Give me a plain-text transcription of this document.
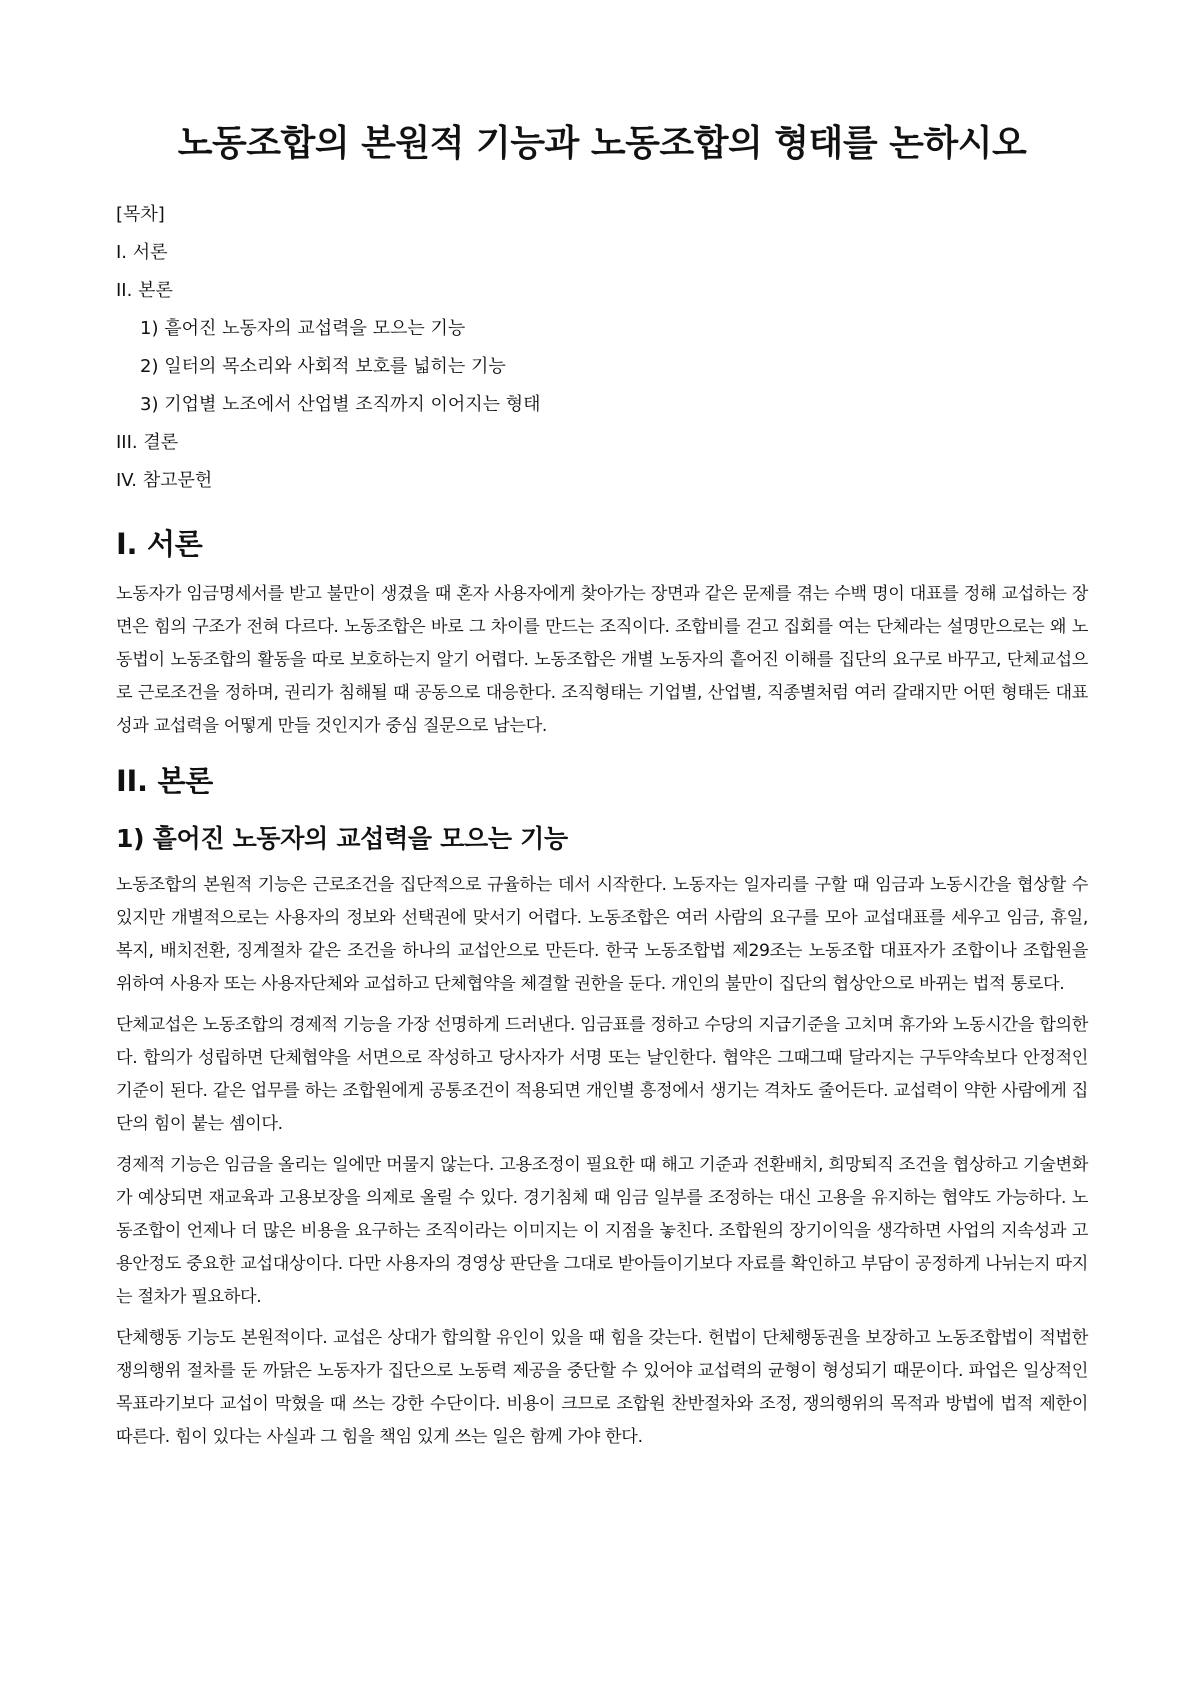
노동조합의 본원적 기능과 노동조합의 형태를 논하시오
[목차]
I. 서론
II. 본론
1) 흩어진 노동자의 교섭력을 모으는 기능
2) 일터의 목소리와 사회적 보호를 넓히는 기능
3) 기업별 노조에서 산업별 조직까지 이어지는 형태
III. 결론
IV. 참고문헌
I. 서론

노동자가 임금명세서를 받고 불만이 생겼을 때 혼자 사용자에게 찾아가는 장면과 같은 문제를 겪는 수백 명이 대표를 정해 교섭하는 장면은 힘의 구조가 전혀 다르다. 노동조합은 바로 그 차이를 만드는 조직이다. 조합비를 걷고 집회를 여는 단체라는 설명만으로는 왜 노동법이 노동조합의 활동을 따로 보호하는지 알기 어렵다. 노동조합은 개별 노동자의 흩어진 이해를 집단의 요구로 바꾸고, 단체교섭으로 근로조건을 정하며, 권리가 침해될 때 공동으로 대응한다. 조직형태는 기업별, 산업별, 직종별처럼 여러 갈래지만 어떤 형태든 대표성과 교섭력을 어떻게 만들 것인지가 중심 질문으로 남는다.

II. 본론
1) 흩어진 노동자의 교섭력을 모으는 기능

노동조합의 본원적 기능은 근로조건을 집단적으로 규율하는 데서 시작한다. 노동자는 일자리를 구할 때 임금과 노동시간을 협상할 수 있지만 개별적으로는 사용자의 정보와 선택권에 맞서기 어렵다. 노동조합은 여러 사람의 요구를 모아 교섭대표를 세우고 임금, 휴일, 복지, 배치전환, 징계절차 같은 조건을 하나의 교섭안으로 만든다. 한국 노동조합법 제29조는 노동조합 대표자가 조합이나 조합원을 위하여 사용자 또는 사용자단체와 교섭하고 단체협약을 체결할 권한을 둔다. 개인의 불만이 집단의 협상안으로 바뀌는 법적 통로다.

단체교섭은 노동조합의 경제적 기능을 가장 선명하게 드러낸다. 임금표를 정하고 수당의 지급기준을 고치며 휴가와 노동시간을 합의한다. 합의가 성립하면 단체협약을 서면으로 작성하고 당사자가 서명 또는 날인한다. 협약은 그때그때 달라지는 구두약속보다 안정적인 기준이 된다. 같은 업무를 하는 조합원에게 공통조건이 적용되면 개인별 흥정에서 생기는 격차도 줄어든다. 교섭력이 약한 사람에게 집단의 힘이 붙는 셈이다.

경제적 기능은 임금을 올리는 일에만 머물지 않는다. 고용조정이 필요한 때 해고 기준과 전환배치, 희망퇴직 조건을 협상하고 기술변화가 예상되면 재교육과 고용보장을 의제로 올릴 수 있다. 경기침체 때 임금 일부를 조정하는 대신 고용을 유지하는 협약도 가능하다. 노동조합이 언제나 더 많은 비용을 요구하는 조직이라는 이미지는 이 지점을 놓친다. 조합원의 장기이익을 생각하면 사업의 지속성과 고용안정도 중요한 교섭대상이다. 다만 사용자의 경영상 판단을 그대로 받아들이기보다 자료를 확인하고 부담이 공정하게 나뉘는지 따지는 절차가 필요하다.

단체행동 기능도 본원적이다. 교섭은 상대가 합의할 유인이 있을 때 힘을 갖는다. 헌법이 단체행동권을 보장하고 노동조합법이 적법한 쟁의행위 절차를 둔 까닭은 노동자가 집단으로 노동력 제공을 중단할 수 있어야 교섭력의 균형이 형성되기 때문이다. 파업은 일상적인 목표라기보다 교섭이 막혔을 때 쓰는 강한 수단이다. 비용이 크므로 조합원 찬반절차와 조정, 쟁의행위의 목적과 방법에 법적 제한이 따른다. 힘이 있다는 사실과 그 힘을 책임 있게 쓰는 일은 함께 가야 한다.
